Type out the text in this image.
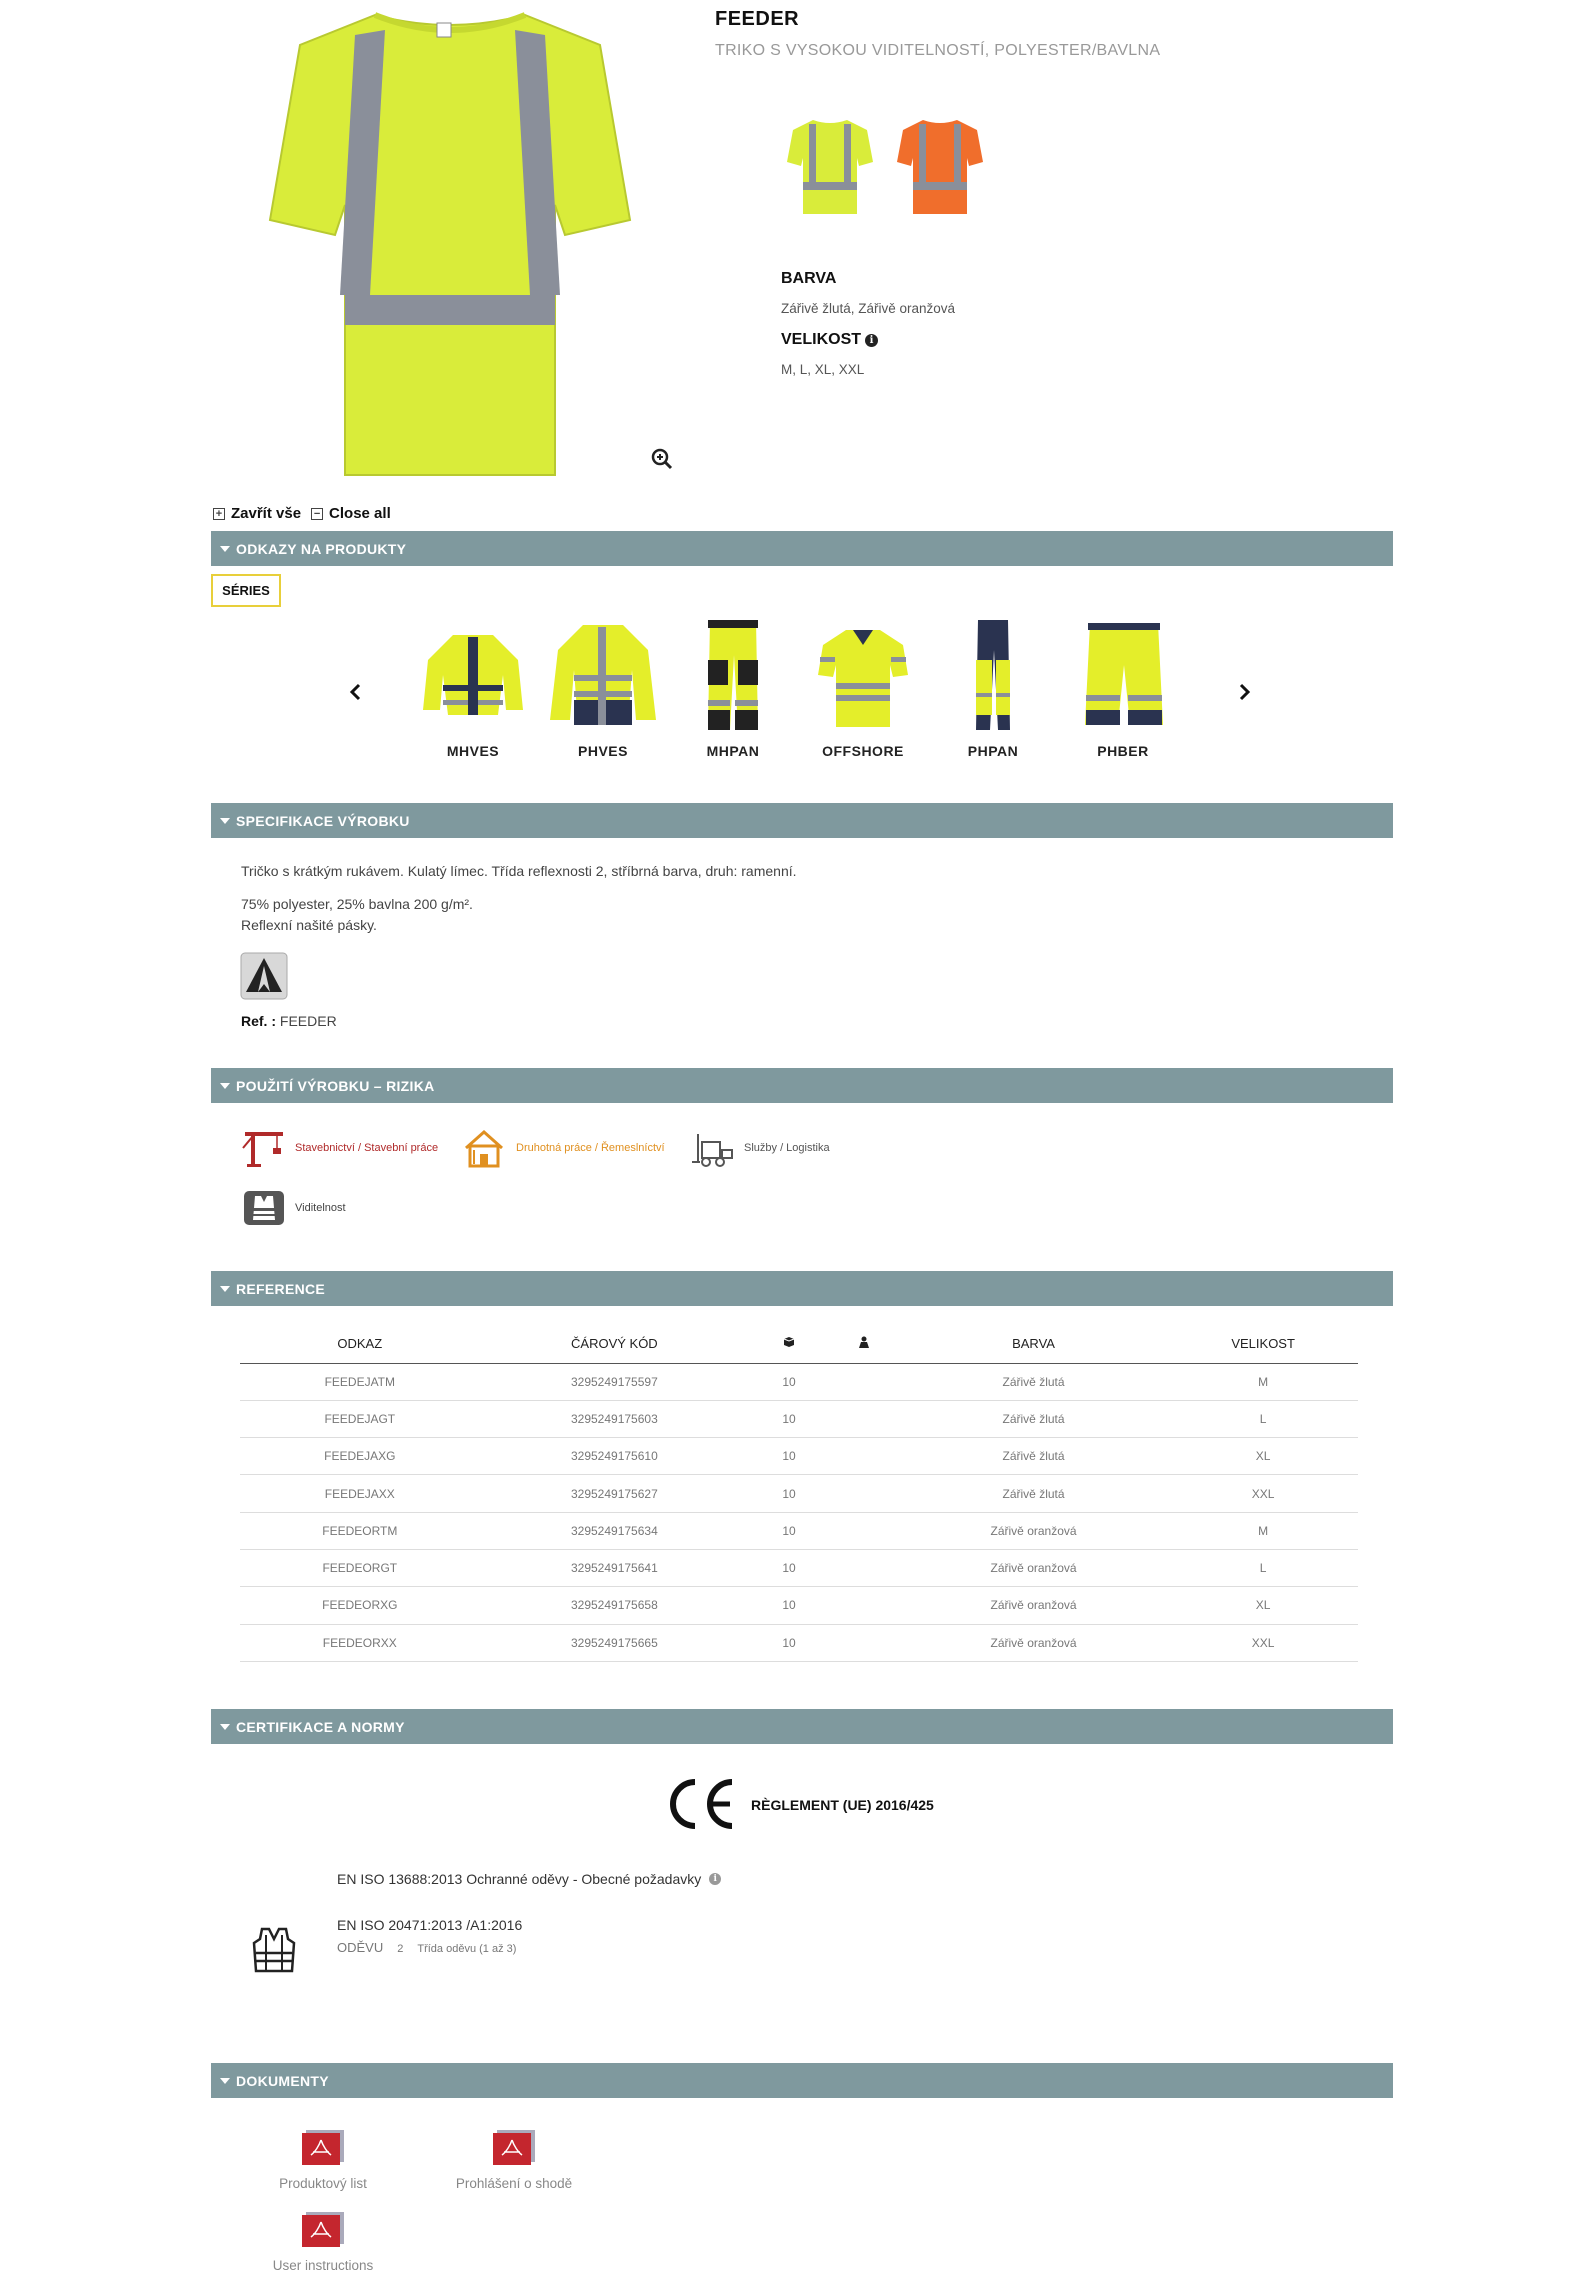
FEEDER
TRIKO S VYSOKOU VIDITELNOSTÍ, POLYESTER/BAVLNA
BARVA
Zářivě žlutá, Zářivě oranžová
VELIKOST i
M, L, XL, XXL
+ Zavřít vše − Close all
ODKAZY NA PRODUKTY
SÉRIES
MHVES	PHVES	MHPAN	OFFSHORE	PHPAN	PHBER
SPECIFIKACE VÝROBKU
Tričko s krátkým rukávem. Kulatý límec. Třída reflexnosti 2, stříbrná barva, druh: ramenní.
75% polyester, 25% bavlna 200 g/m².
Reflexní našité pásky.
Ref. : FEEDER
POUŽITÍ VÝROBKU – RIZIKA
Stavebnictví / Stavební práce	Druhotná práce / Řemeslníctví	Služby / Logistika
Viditelnost
REFERENCE
ODKAZ	ČÁROVÝ KÓD			BARVA	VELIKOST
FEEDEJATM	3295249175597	10		Zářivě žlutá	M
FEEDEJAGT	3295249175603	10		Zářivě žlutá	L
FEEDEJAXG	3295249175610	10		Zářivě žlutá	XL
FEEDEJAXX	3295249175627	10		Zářivě žlutá	XXL
FEEDEORTM	3295249175634	10		Zářivě oranžová	M
FEEDEORGT	3295249175641	10		Zářivě oranžová	L
FEEDEORXG	3295249175658	10		Zářivě oranžová	XL
FEEDEORXX	3295249175665	10		Zářivě oranžová	XXL
CERTIFIKACE A NORMY
RÈGLEMENT (UE) 2016/425
EN ISO 13688:2013 Ochranné oděvy - Obecné požadavky	i
EN ISO 20471:2013 /A1:2016
ODĚVU 2 Třída oděvu (1 až 3)
DOKUMENTY
Produktový list	Prohlášení o shodě
User instructions
